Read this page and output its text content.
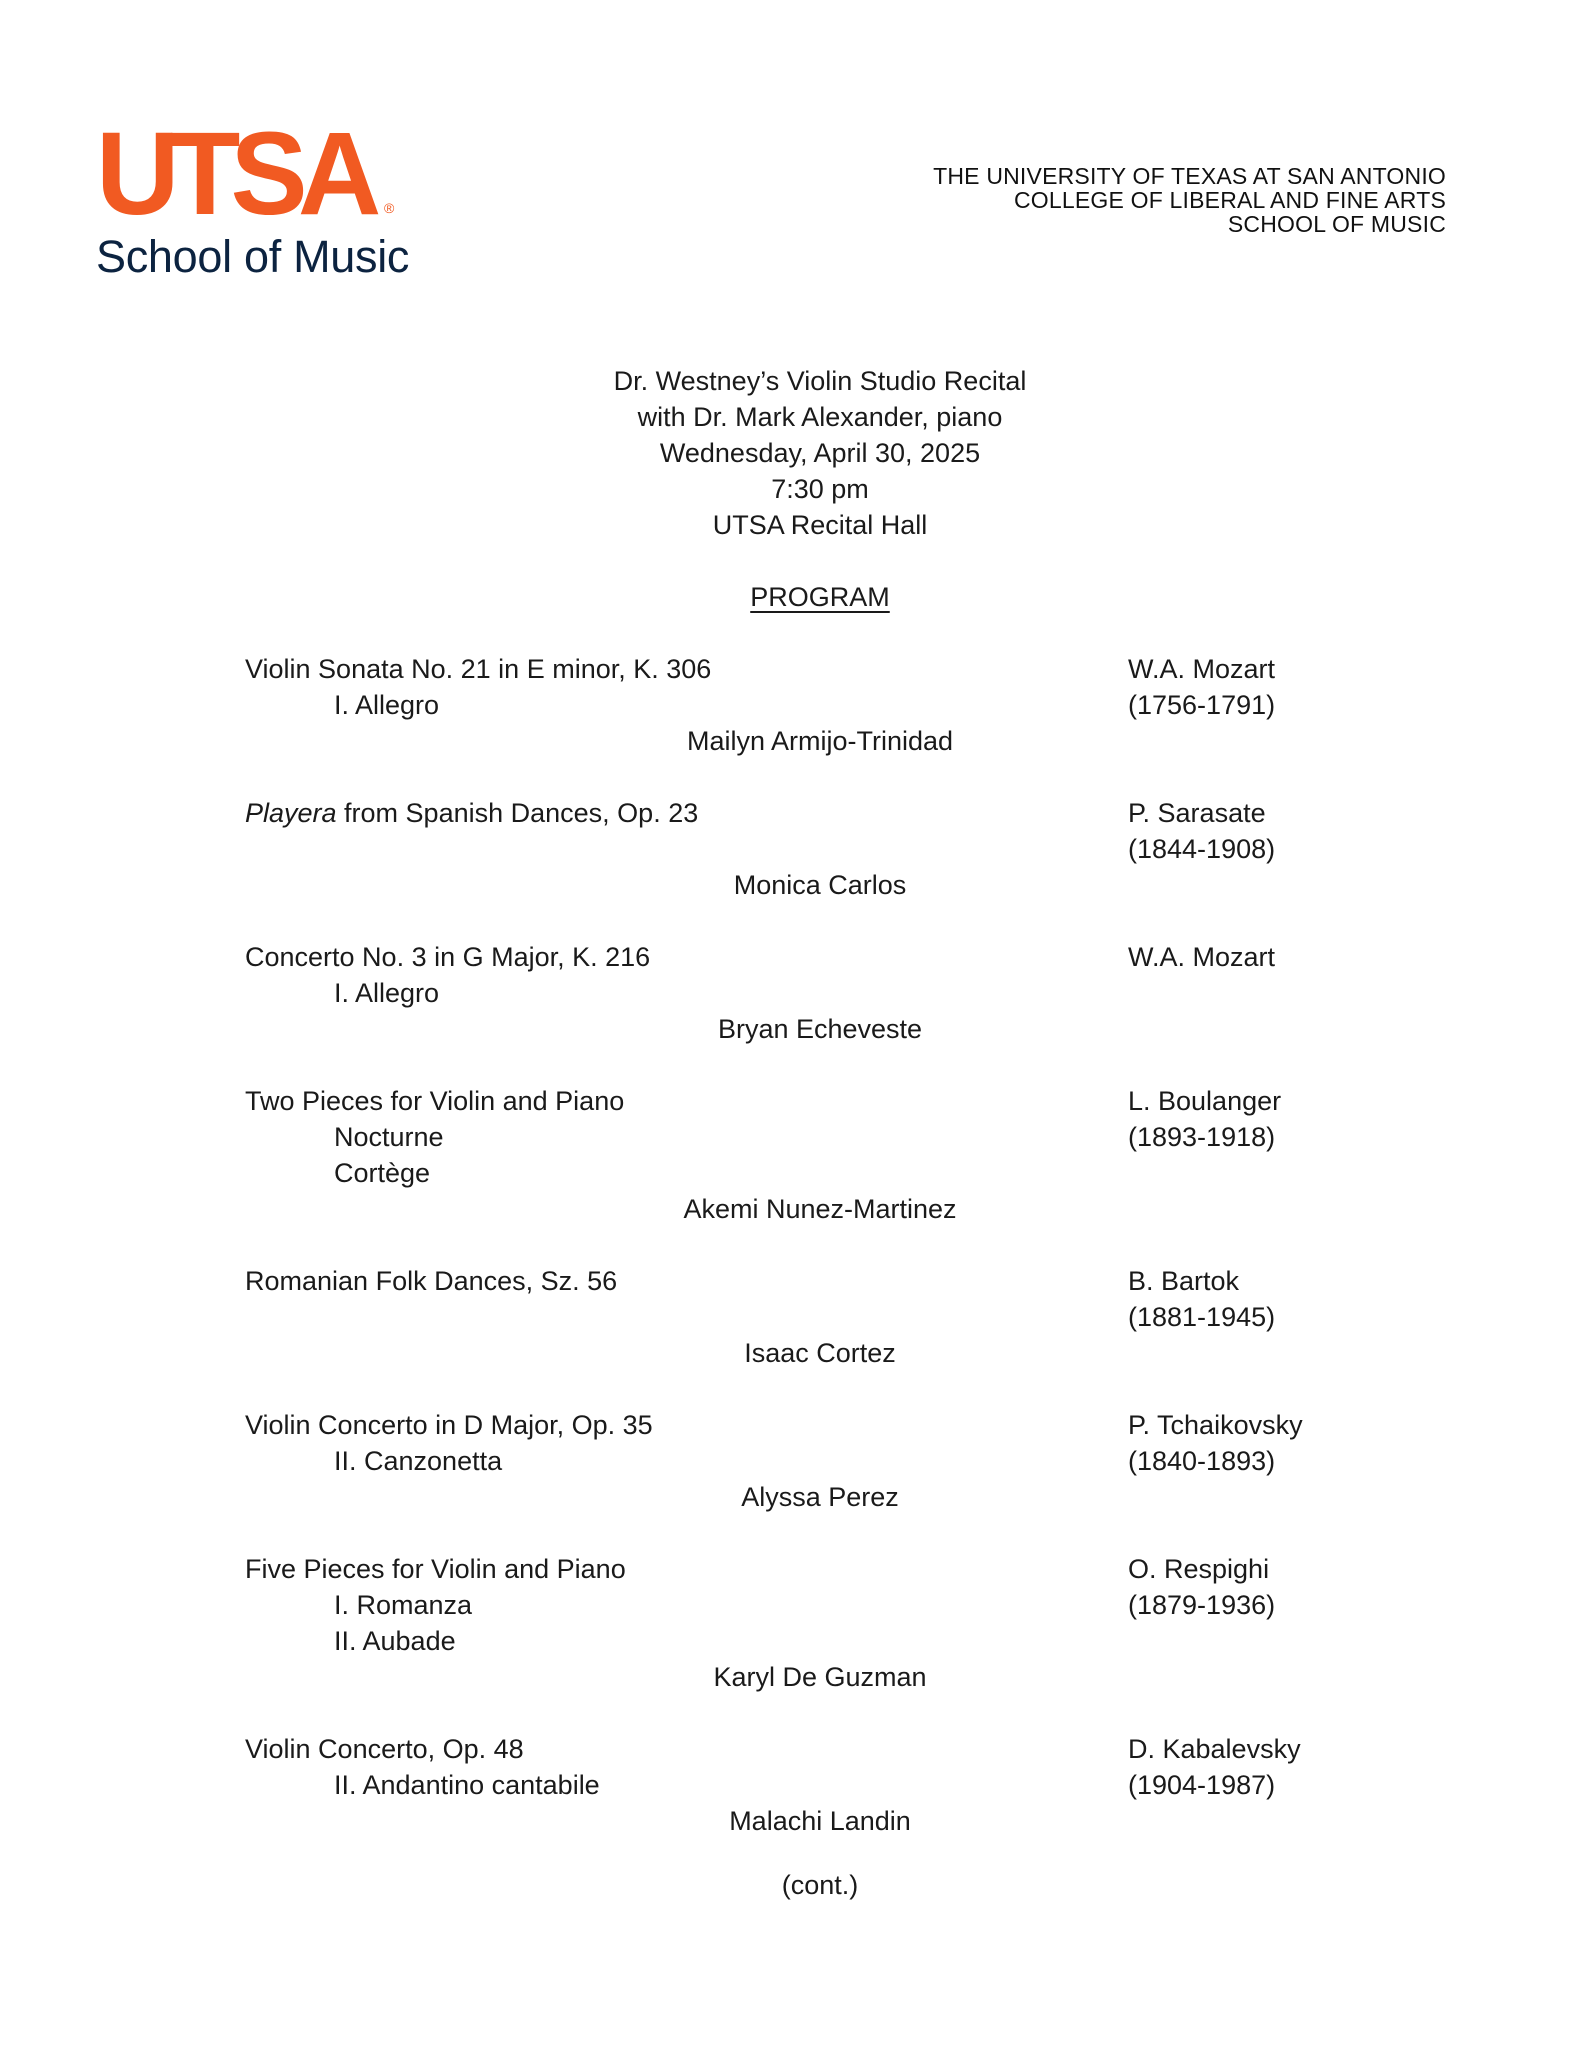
UTSA ®
School of Music
THE UNIVERSITY OF TEXAS AT SAN ANTONIO
COLLEGE OF LIBERAL AND FINE ARTS
SCHOOL OF MUSIC
Dr. Westney’s Violin Studio Recital
with Dr. Mark Alexander, piano
Wednesday, April 30, 2025
7:30 pm
UTSA Recital Hall
PROGRAM
Violin Sonata No. 21 in E minor, K. 306
I. Allegro
W.A. Mozart
(1756-1791)
Mailyn Armijo-Trinidad
Playera from Spanish Dances, Op. 23	P. Sarasate
(1844-1908)
Monica Carlos
Concerto No. 3 in G Major, K. 216
I. Allegro
W.A. Mozart
Bryan Echeveste
Two Pieces for Violin and Piano
Nocturne
Cortège
L. Boulanger
(1893-1918)
Akemi Nunez-Martinez
Romanian Folk Dances, Sz. 56	B. Bartok
(1881-1945)
Isaac Cortez
Violin Concerto in D Major, Op. 35
II. Canzonetta
P. Tchaikovsky
(1840-1893)
Alyssa Perez
Five Pieces for Violin and Piano
I. Romanza
II. Aubade
O. Respighi
(1879-1936)
Karyl De Guzman
Violin Concerto, Op. 48
II. Andantino cantabile
D. Kabalevsky
(1904-1987)
Malachi Landin
(cont.)
